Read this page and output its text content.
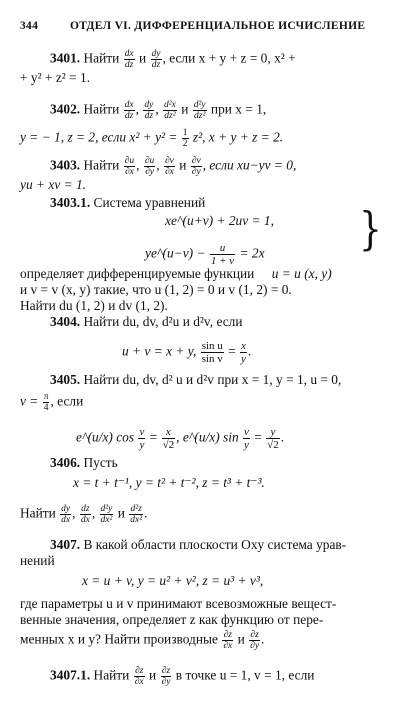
344	ОТДЕЛ VI. ДИФФЕРЕНЦИАЛЬНОЕ ИСЧИСЛЕНИЕ
3401. Найти $\frac{dx}{dz}$ и $\frac{dy}{dz}$ , если x + y + z = 0, x² +
+ y² + z² = 1.
3402. Найти $\frac{dx}{dz}$ , $\frac{dy}{dz}$ , $\frac{\text{d²x}}{\text{dz²}}$ и $\frac{\text{d²y}}{\text{dz²}}$ при x = 1,
y = − 1, z = 2, если $x^2 + y^2 = \frac{1}{2} z^2$, x + y + z = 2.
3403. Найти $\frac{\partial u}{\partial x}$ , $\frac{\partial u}{\partial y}$ , $\frac{\partial v}{\partial x}$ и $\frac{\partial v}{\partial y}$ , если xu−yv = 0,
yu + xv = 1.
3403.1. Система уравнений
xe^(u+v) + 2uv = 1,
ye^(u−v) − $\frac{u}{1 + v} = 2x$	}
определяет дифференцируемые функции u = u (x, y)
и v = v (x, y) такие, что u (1, 2) = 0 и v (1, 2) = 0.
Найти du (1, 2) и dv (1, 2).
3404. Найти du, dv, d²u и d²v, если
u + v = x + y, $\frac{\text{sin u}}{\text{sin v}} = \frac{x}{y}$ .
3405. Найти du, dv, d² u и d²v при x = 1, y = 1, u = 0,
$v = \frac{\pi}{4}$ , если
e^(u/x) $\cos \frac{v}{y} = \frac{x}{√2}$ , e^(u/x) $\sin \frac{v}{y} = \frac{y}{√2}$ .
3406. Пусть
x = t + t⁻¹, y = t² + t⁻², z = t³ + t⁻³.
Найти $\frac{dy}{dx}$ , $\frac{dz}{dx}$ , $\frac{\text{d²y}}{\text{dx²}}$ и $\frac{\text{d²z}}{\text{dx²}}$ .
3407. В какой области плоскости Oxy система урав-
нений
x = u + v, y = u² + v², z = u³ + v³,
где параметры u и v принимают всевозможные вещест-
венные значения, определяет z как функцию от пере-
менных x и y? Найти производные $\frac{\partial z}{\partial x}$ и $\frac{\partial z}{\partial y}$ .
3407.1. Найти $\frac{\partial z}{\partial x}$ и $\frac{\partial z}{\partial y}$ в точке u = 1, v = 1, если
